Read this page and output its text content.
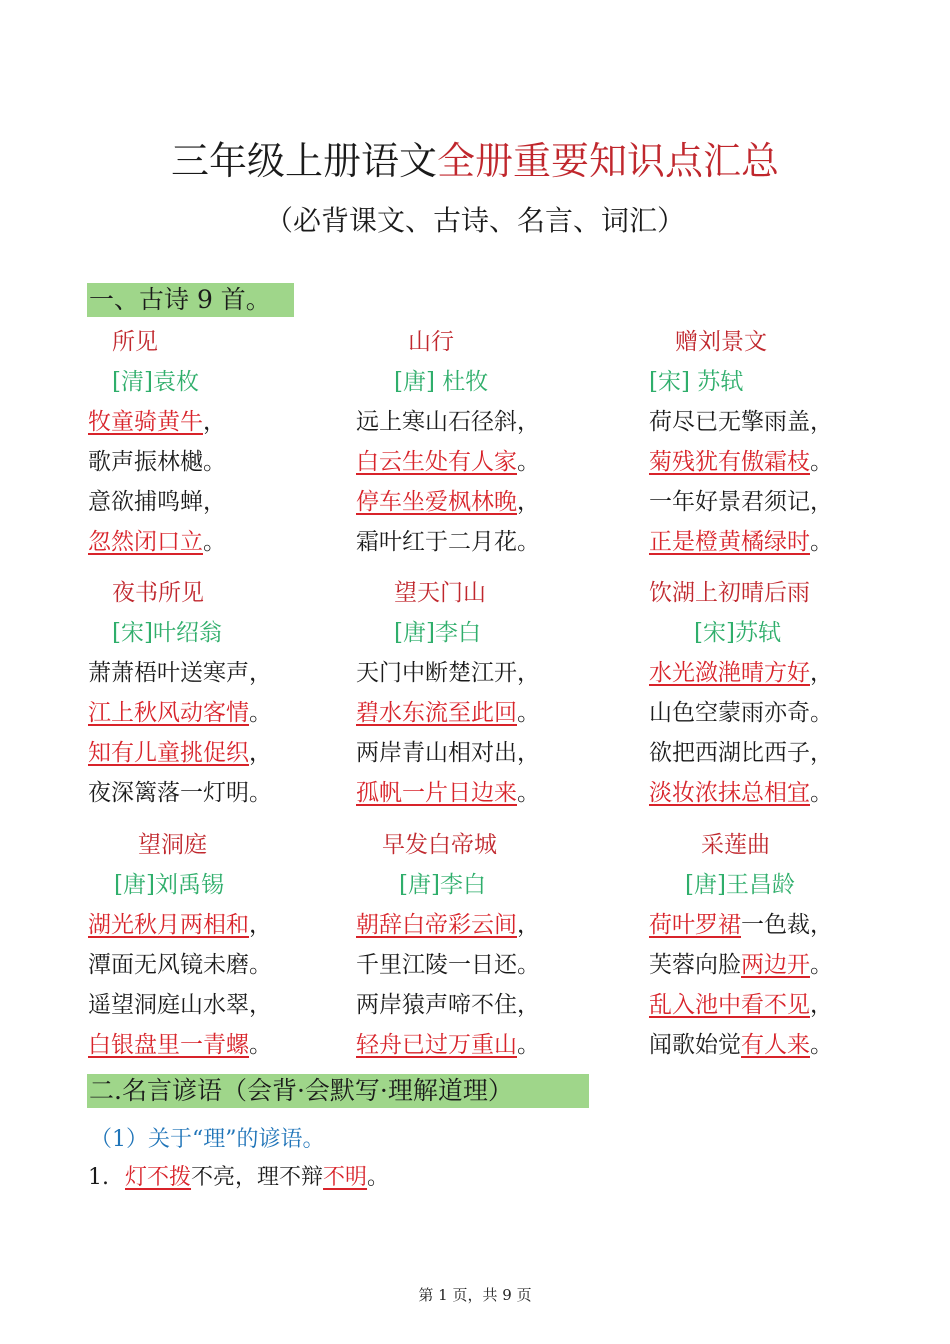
三年级上册语文全册重要知识点汇总
（必背课文、古诗、名言、词汇）
一、古诗 9 首。
所见
[清]袁枚
牧童骑黄牛，
歌声振林樾。
意欲捕鸣蝉，
忽然闭口立。
山行
[唐] 杜牧
远上寒山石径斜，
白云生处有人家。
停车坐爱枫林晚，
霜叶红于二月花。
赠刘景文
[宋] 苏轼
荷尽已无擎雨盖，
菊残犹有傲霜枝。
一年好景君须记，
正是橙黄橘绿时。
夜书所见
[宋]叶绍翁
萧萧梧叶送寒声，
江上秋风动客情。
知有儿童挑促织，
夜深篱落一灯明。
望天门山
[唐]李白
天门中断楚江开，
碧水东流至此回。
两岸青山相对出，
孤帆一片日边来。
饮湖上初晴后雨
[宋]苏轼
水光潋滟晴方好，
山色空蒙雨亦奇。
欲把西湖比西子，
淡妆浓抹总相宜。
望洞庭
[唐]刘禹锡
湖光秋月两相和，
潭面无风镜未磨。
遥望洞庭山水翠，
白银盘里一青螺。
早发白帝城
[唐]李白
朝辞白帝彩云间，
千里江陵一日还。
两岸猿声啼不住，
轻舟已过万重山。
采莲曲
[唐]王昌龄
荷叶罗裙一色裁，
芙蓉向脸两边开。
乱入池中看不见，
闻歌始觉有人来。
二.名言谚语（会背·会默写·理解道理）
（1）关于“理”的谚语。
1. 灯不拨不亮，理不辩不明。
第 1 页，共 9 页
